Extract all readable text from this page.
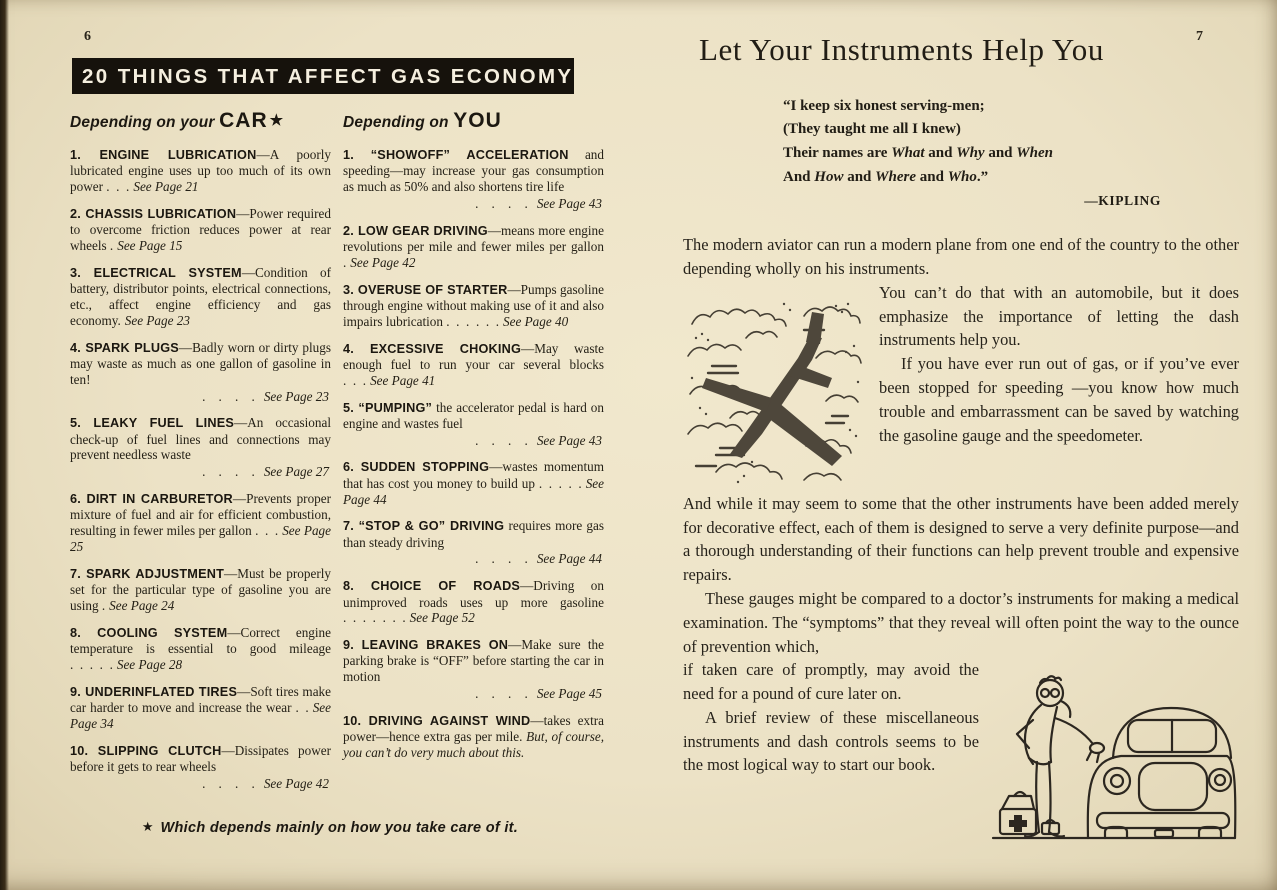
6
20 THINGS THAT AFFECT GAS ECONOMY
Depending on your CAR ★

1. ENGINE LUBRICATION—A poorly lubricated engine uses up too much of its own power . . . See Page 21

2. CHASSIS LUBRICATION—Power required to overcome friction reduces power at rear wheels . See Page 15

3. ELECTRICAL SYSTEM—Condition of battery, distributor points, electrical connections, etc., affect engine efficiency and gas economy. See Page 23

4. SPARK PLUGS—Badly worn or dirty plugs may waste as much as one gallon of gasoline in ten!
.  .  .  . See Page 23

5. LEAKY FUEL LINES—An occasional check-up of fuel lines and connections may prevent needless waste
.  .  .  . See Page 27

6. DIRT IN CARBURETOR—Prevents proper mixture of fuel and air for efficient combustion, resulting in fewer miles per gallon . . . See Page 25

7. SPARK ADJUSTMENT—Must be properly set for the particular type of gasoline you are using . See Page 24

8. COOLING SYSTEM—Correct engine temperature is essential to good mileage . . . . . See Page 28

9. UNDERINFLATED TIRES—Soft tires make car harder to move and increase the wear . . See Page 34

10. SLIPPING CLUTCH—Dissipates power before it gets to rear wheels
.  .  .  . See Page 42

Depending on YOU

1. “SHOWOFF” ACCELERATION and speeding—may increase your gas consumption as much as 50% and also shortens tire life
.  .  .  . See Page 43

2. LOW GEAR DRIVING—means more engine revolutions per mile and fewer miles per gallon . See Page 42

3. OVERUSE OF STARTER—Pumps gasoline through engine without making use of it and also impairs lubrication . . . . . . See Page 40

4. EXCESSIVE CHOKING—May waste enough fuel to run your car several blocks . . . See Page 41

5. “PUMPING” the accelerator pedal is hard on engine and wastes fuel
.  .  .  . See Page 43

6. SUDDEN STOPPING—wastes momentum that has cost you money to build up . . . . . See Page 44

7. “STOP & GO” DRIVING requires more gas than steady driving
.  .  .  . See Page 44

8. CHOICE OF ROADS—Driving on unimproved roads uses up more gasoline . . . . . . . See Page 52

9. LEAVING BRAKES ON—Make sure the parking brake is “OFF” before starting the car in motion
.  .  .  . See Page 45

10. DRIVING AGAINST WIND—takes extra power—hence extra gas per mile. But, of course, you can’t do very much about this.

★ Which depends mainly on how you take care of it.

7
Let Your Instruments Help You
“I keep six honest serving-men;
(They taught me all I knew)
Their names are What and Why and When
And How and Where and Who.”
—KIPLING

The modern aviator can run a modern plane from one end of the country to the other depending wholly on his instruments.

You can’t do that with an automobile, but it does emphasize the importance of letting the dash instruments help you.

If you have ever run out of gas, or if you’ve ever been stopped for speeding —you know how much trouble and embarrassment can be saved by watching the gasoline gauge and the speedometer.

And while it may seem to some that the other instruments have been added merely for decorative effect, each of them is designed to serve a very definite purpose—and a thorough understanding of their functions can help prevent trouble and expensive repairs.

These gauges might be compared to a doctor’s instruments for making a medical examination. The “symptoms” that they reveal will often point the way to the ounce of prevention which,

if taken care of promptly, may avoid the need for a pound of cure later on.

A brief review of these miscellaneous instruments and dash controls seems to be the most logical way to start our book.
